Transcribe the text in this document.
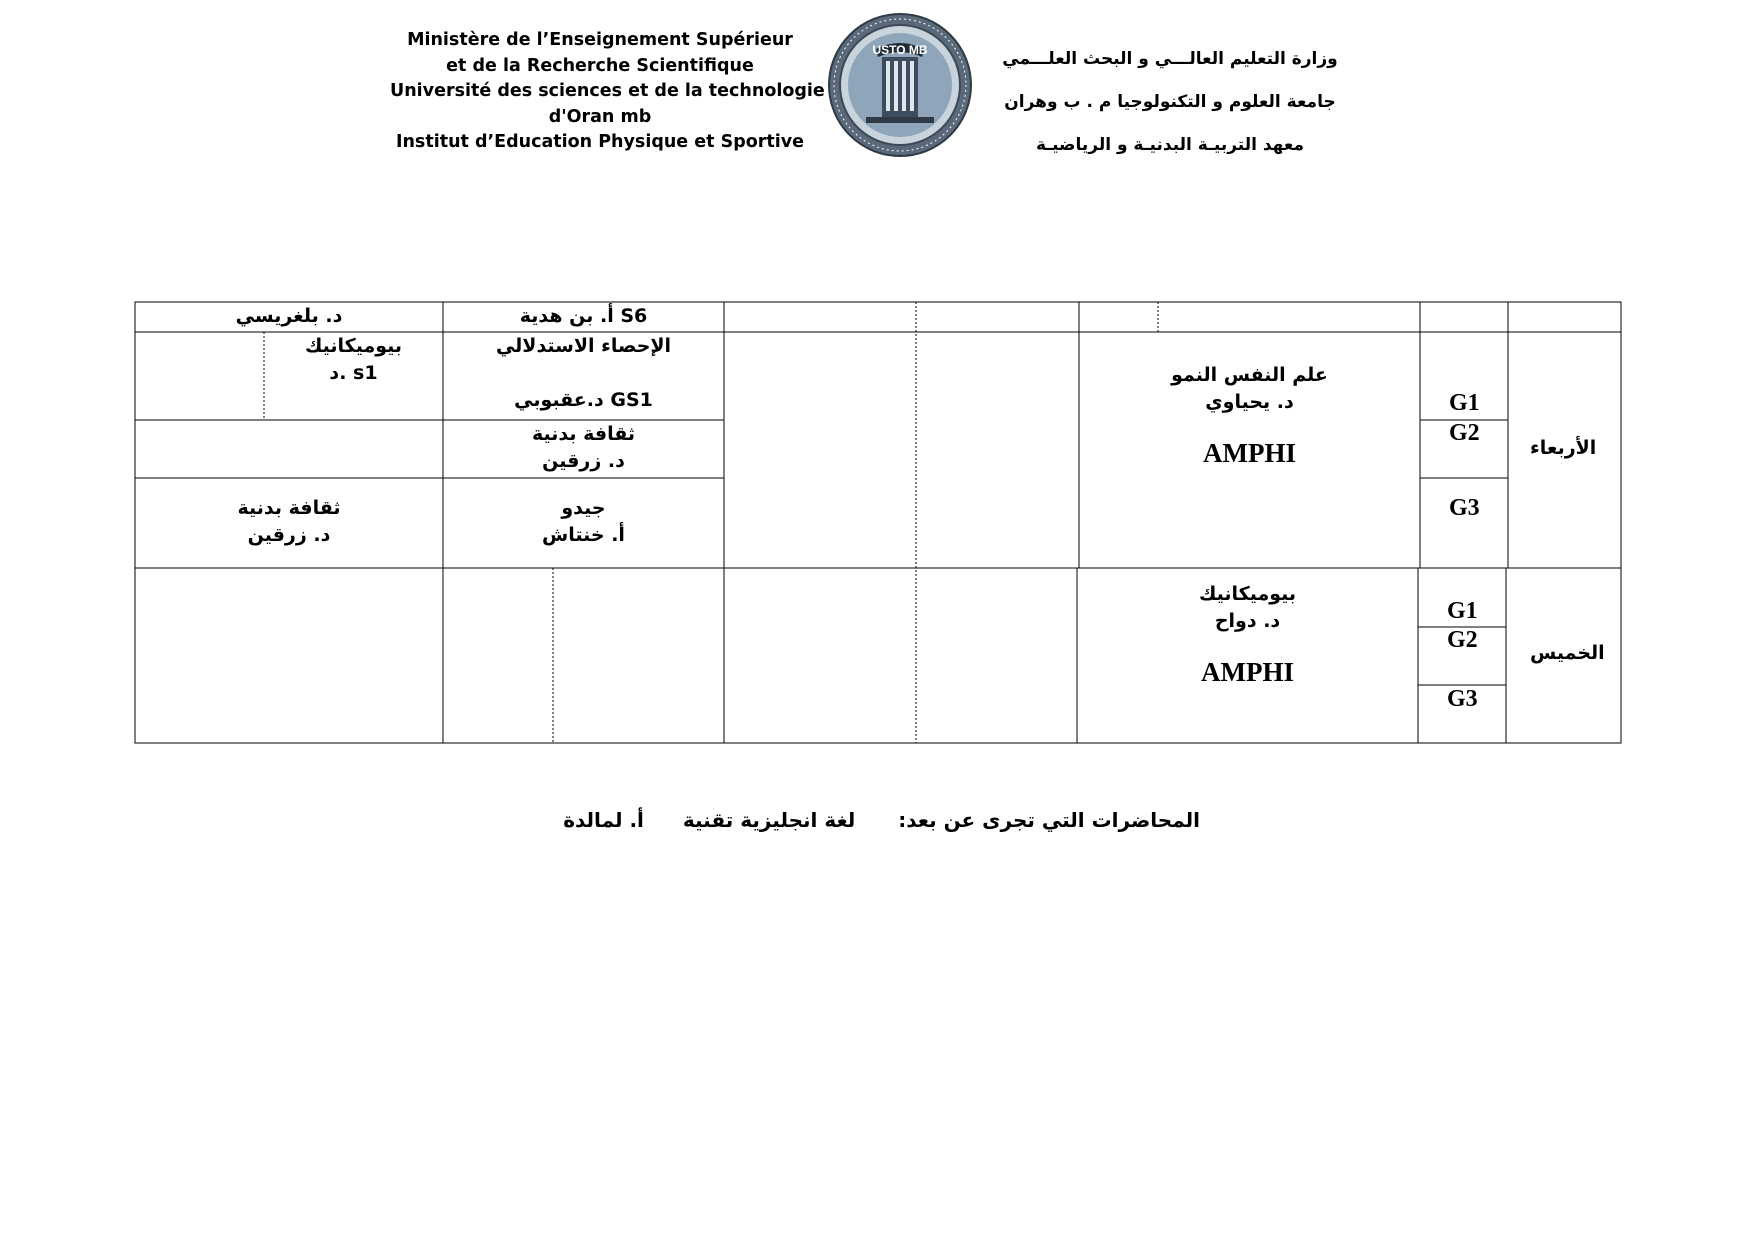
Ministère de l’Enseignement Supérieur
et de la Recherche Scientifique
Université des sciences et de la technologie
d'Oran mb
Institut d’Education Physique et Sportive
USTO MB	وزارة التعليم العالـــي و البحث العلـــمي
جامعة العلوم و التكنولوجيا م . ب وهران
معهد التربيـة البدنيـة و الرياضيـة
د. بلغريسي	أ. بن هدية S6
الأربعاء
G1
G2
G3
علم النفس النمو
د. يحياوي
AMPHI
بيوميكانيك
د. s1
الإحصاء الاستدلالي
د.عقبوبي GS1
ثقافة بدنية
د. زرقين
جيدو
أ. خنتاش
ثقافة بدنية
د. زرقين
الخميس
G1
G2
G3
بيوميكانيك
د. دواح
AMPHI
المحاضرات التي تجرى عن بعد: لغة انجليزية تقنية أ. لمالدة
